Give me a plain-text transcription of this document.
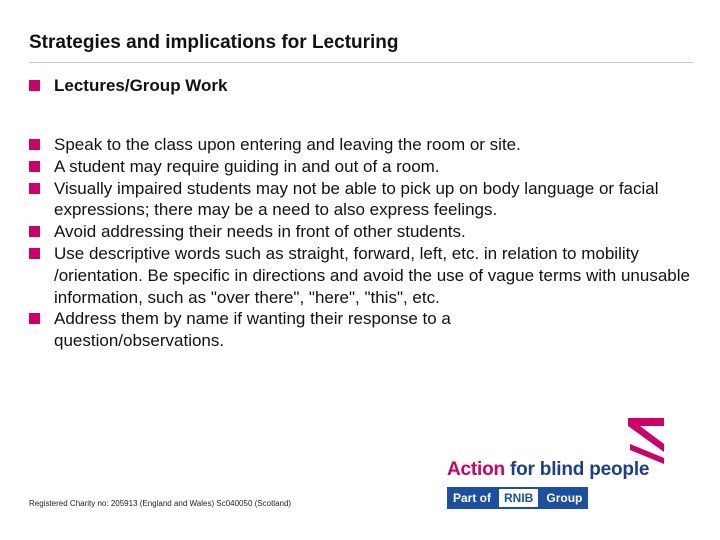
Strategies and implications for Lecturing
Lectures/Group Work
Speak to the class upon entering and leaving the room or site.
A student may require guiding in and out of a room.
Visually impaired students may not be able to pick up on body language or facial expressions; there may be a need to also express feelings.
Avoid addressing their needs in front of other students.
Use descriptive words such as straight, forward, left, etc. in relation to mobility /orientation. Be specific in directions and avoid the use of vague terms with unusable information, such as "over there", "here", "this", etc.
Address them by name if wanting their response to a question/observations.
Registered Charity no: 205913 (England and Wales) Sc040050 (Scotland)
Action for blind people
Part of	RNIB	Group
